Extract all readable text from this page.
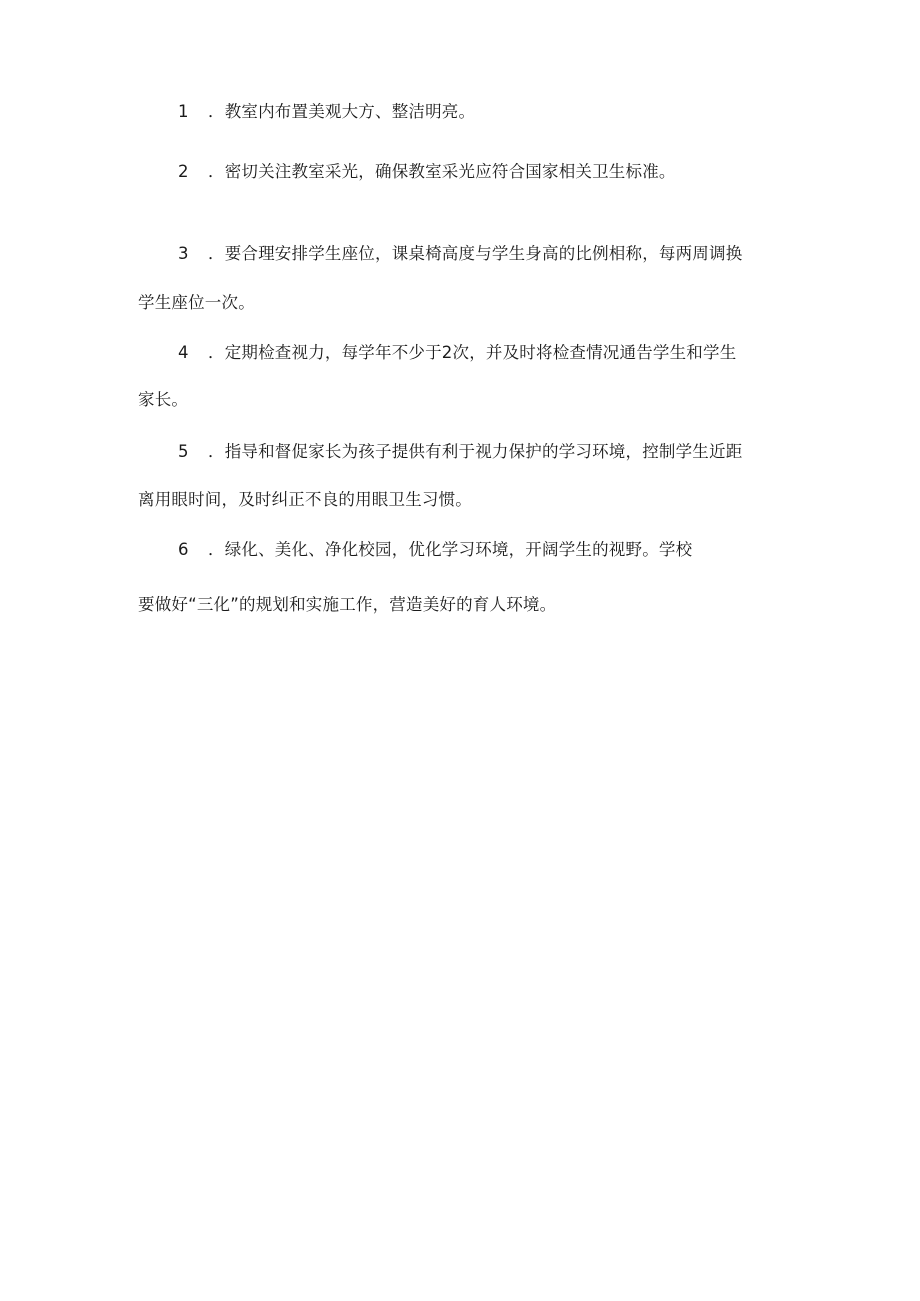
1 ．教室内布置美观大方、整洁明亮。
2 ．密切关注教室采光，确保教室采光应符合国家相关卫生标准。
3 ．要合理安排学生座位，课桌椅高度与学生身高的比例相称，每两周调换
学生座位一次。
4 ．定期检查视力，每学年不少于2次，并及时将检查情况通告学生和学生
家长。
5 ．指导和督促家长为孩子提供有利于视力保护的学习环境，控制学生近距
离用眼时间，及时纠正不良的用眼卫生习惯。
6 ．绿化、美化、净化校园，优化学习环境，开阔学生的视野。学校
要做好“三化”的规划和实施工作，营造美好的育人环境。
